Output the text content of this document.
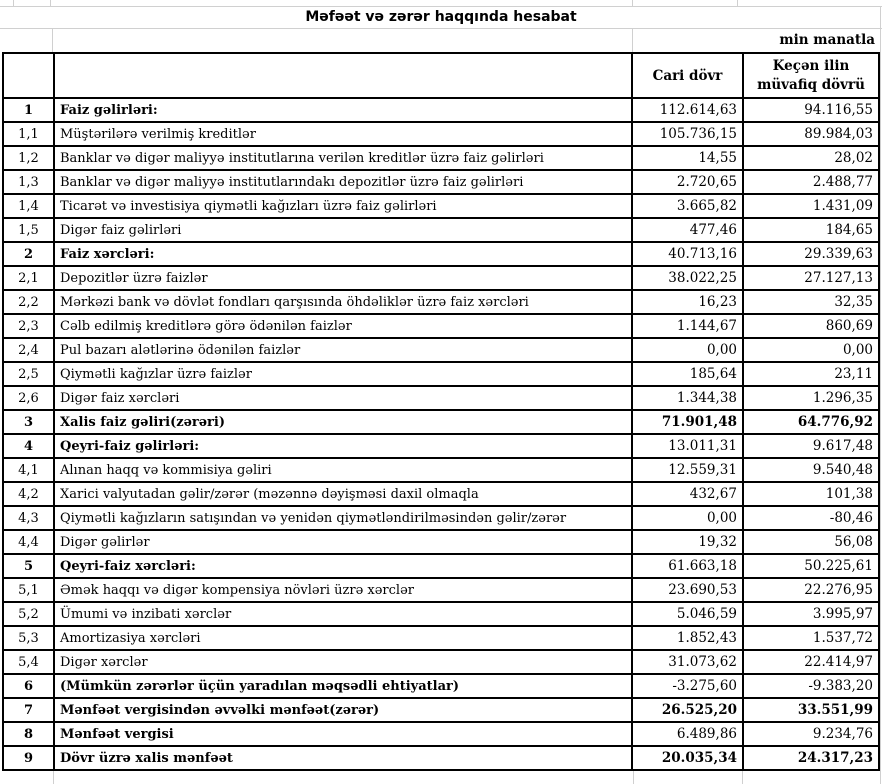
Məfəət və zərər haqqında hesabat
min manatla
		Cari dövr	Keçən ilin müvafiq dövrü
1	Faiz gəlirləri:	112.614,63	94.116,55
1,1	Müştərilərə verilmiş kreditlər	105.736,15	89.984,03
1,2	Banklar və digər maliyyə institutlarına verilən kreditlər üzrə faiz gəlirləri	14,55	28,02
1,3	Banklar və digər maliyyə institutlarındakı depozitlər üzrə faiz gəlirləri	2.720,65	2.488,77
1,4	Ticarət və investisiya qiymətli kağızları üzrə faiz gəlirləri	3.665,82	1.431,09
1,5	Digər faiz gəlirləri	477,46	184,65
2	Faiz xərcləri:	40.713,16	29.339,63
2,1	Depozitlər üzrə faizlər	38.022,25	27.127,13
2,2	Mərkəzi bank və dövlət fondları qarşısında öhdəliklər üzrə faiz xərcləri	16,23	32,35
2,3	Cəlb edilmiş kreditlərə görə ödənilən faizlər	1.144,67	860,69
2,4	Pul bazarı alətlərinə ödənilən faizlər	0,00	0,00
2,5	Qiymətli kağızlar üzrə faizlər	185,64	23,11
2,6	Digər faiz xərcləri	1.344,38	1.296,35
3	Xalis faiz gəliri(zərəri)	71.901,48	64.776,92
4	Qeyri-faiz gəlirləri:	13.011,31	9.617,48
4,1	Alınan haqq və kommisiya gəliri	12.559,31	9.540,48
4,2	Xarici valyutadan gəlir/zərər (məzənnə dəyişməsi daxil olmaqla	432,67	101,38
4,3	Qiymətli kağızların satışından və yenidən qiymətləndirilməsindən gəlir/zərər	0,00	-80,46
4,4	Digər gəlirlər	19,32	56,08
5	Qeyri-faiz xərcləri:	61.663,18	50.225,61
5,1	Əmək haqqı və digər kompensiya növləri üzrə xərclər	23.690,53	22.276,95
5,2	Ümumi və inzibati xərclər	5.046,59	3.995,97
5,3	Amortizasiya xərcləri	1.852,43	1.537,72
5,4	Digər xərclər	31.073,62	22.414,97
6	(Mümkün zərərlər üçün yaradılan məqsədli ehtiyatlar)	-3.275,60	-9.383,20
7	Mənfəət vergisindən əvvəlki mənfəət(zərər)	26.525,20	33.551,99
8	Mənfəət vergisi	6.489,86	9.234,76
9	Dövr üzrə xalis mənfəət	20.035,34	24.317,23
